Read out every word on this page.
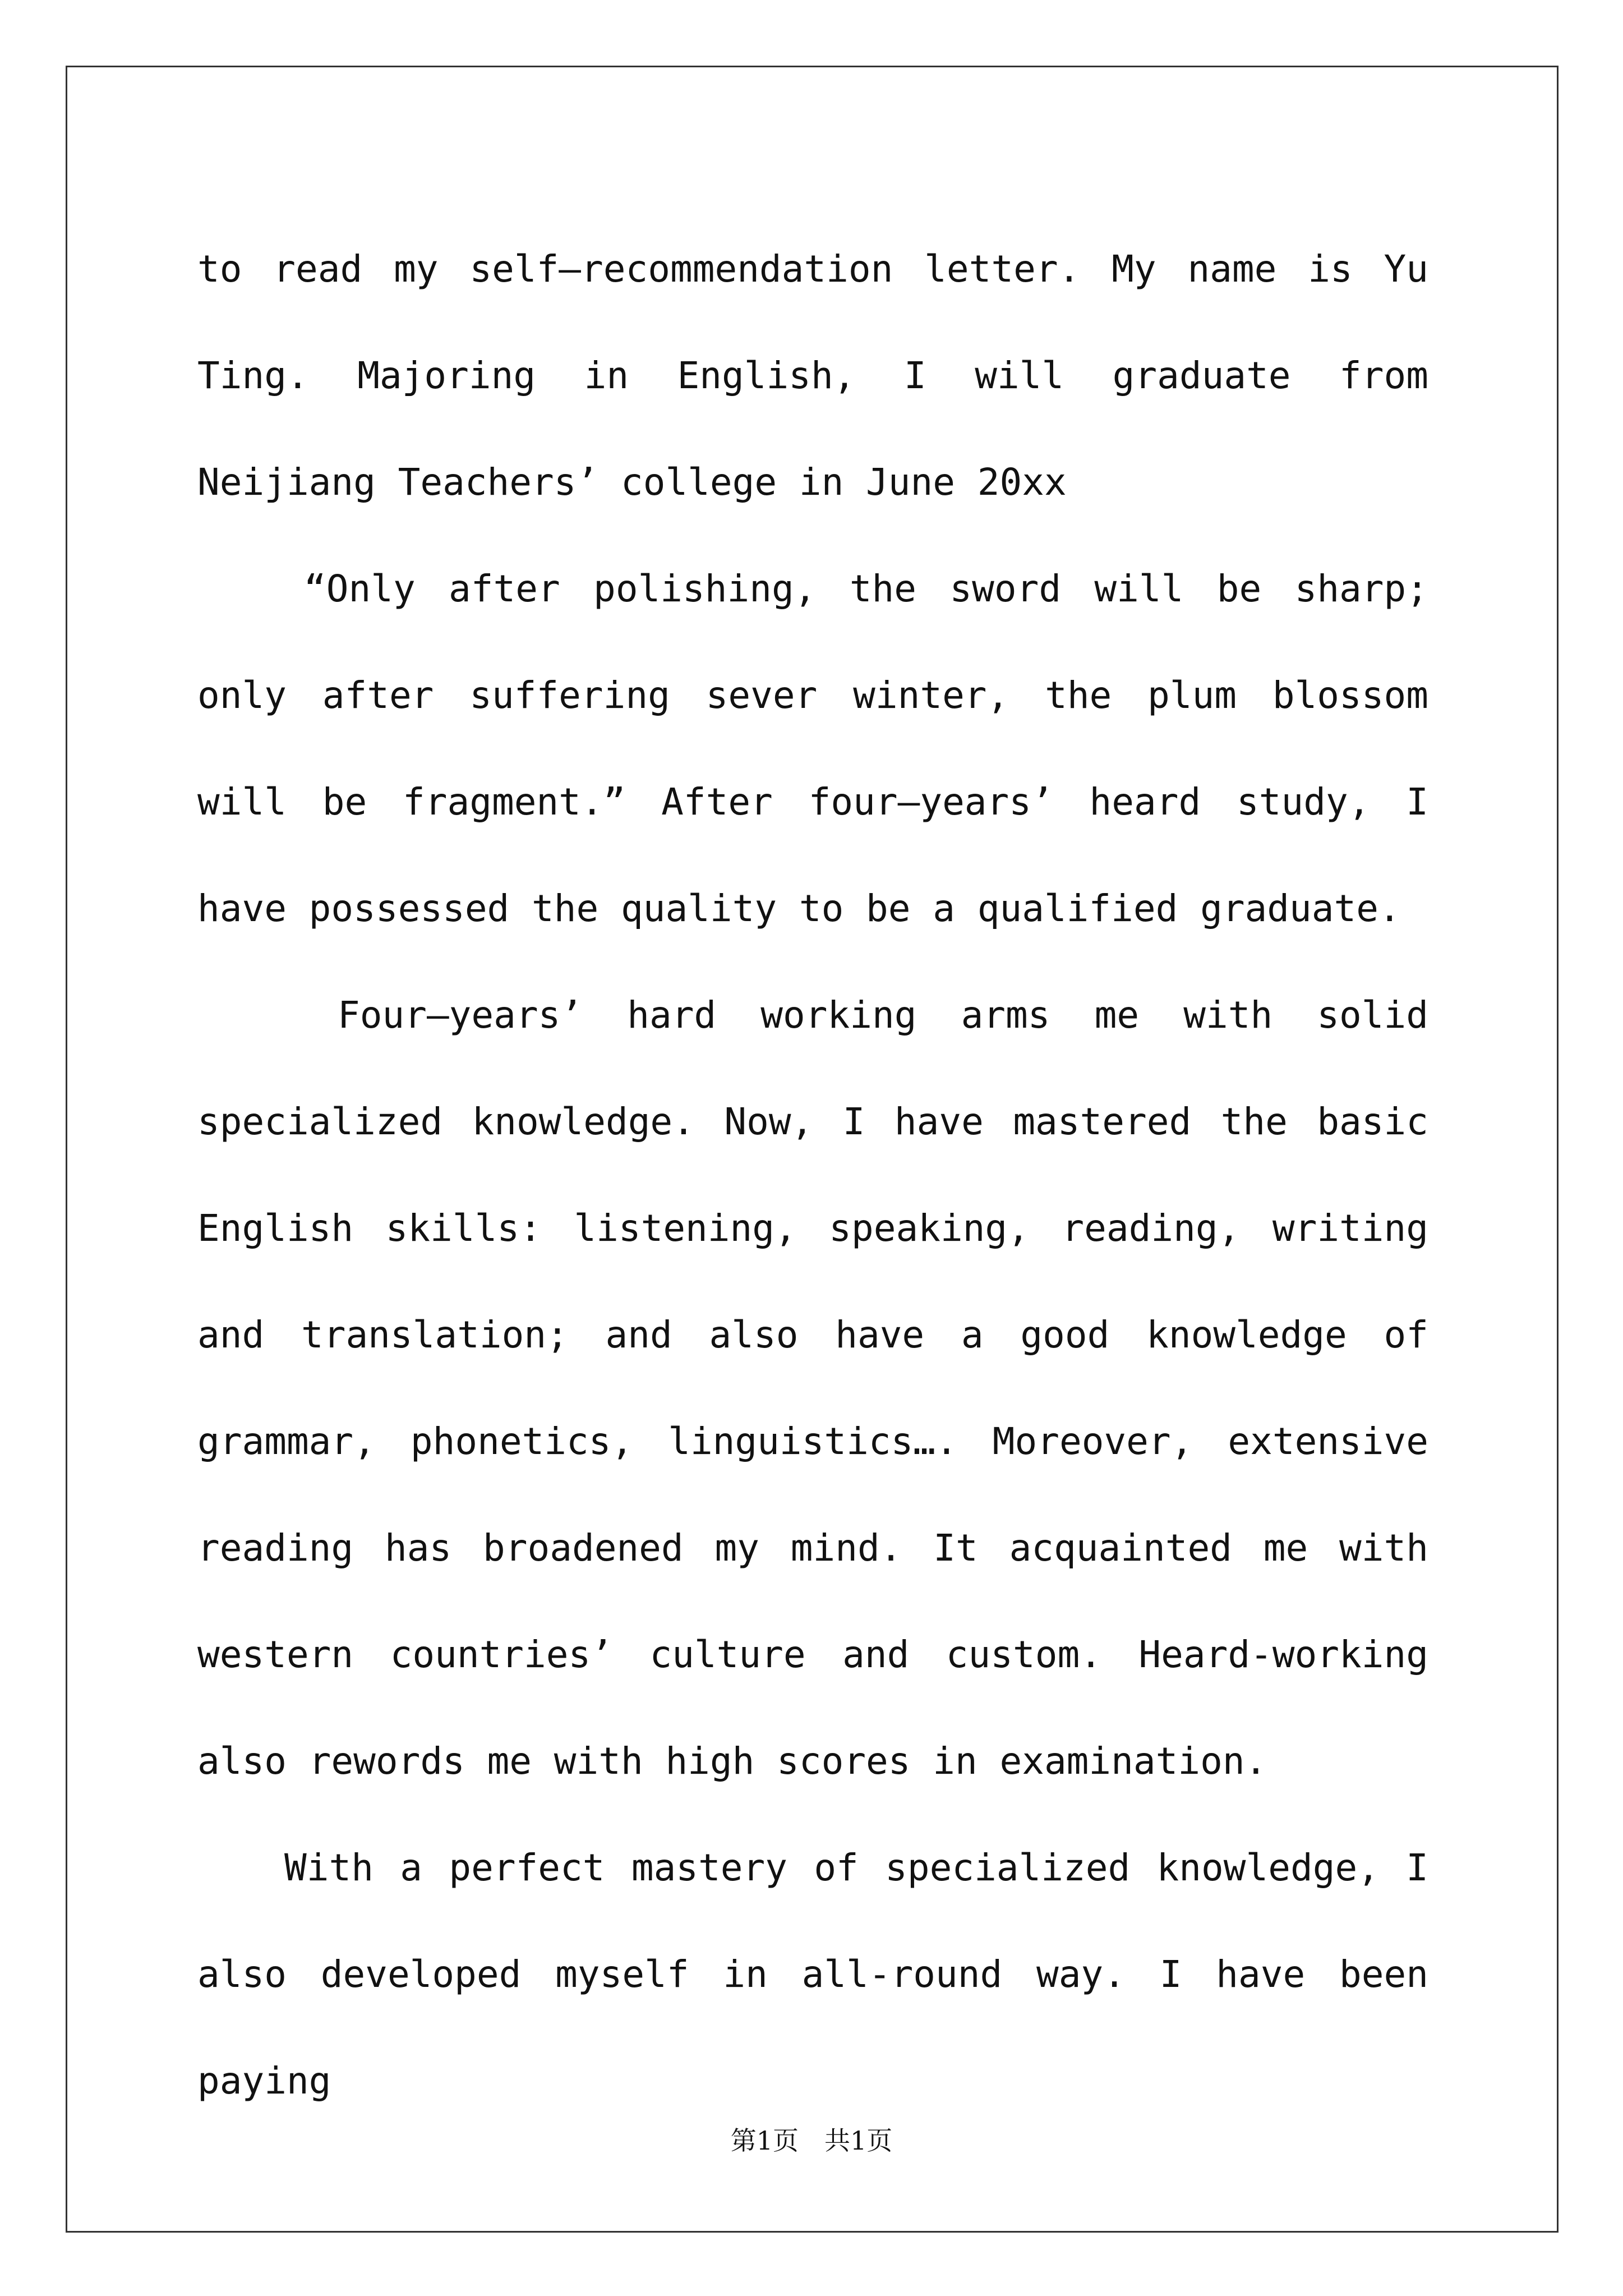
to read my self—recommendation letter. My name is Yu Ting. Majoring in English, I will graduate from Neijiang Teachers’ college in June 20xx

“Only after polishing, the sword will be sharp; only after suffering sever winter, the plum blossom will be fragment.” After four—years’ heard study, I have possessed the quality to be a qualified graduate.

Four—years’ hard working arms me with solid specialized knowledge. Now, I have mastered the basic English skills: listening, speaking, reading, writing and translation; and also have a good knowledge of grammar, phonetics, linguistics…. Moreover, extensive reading has broadened my mind. It acquainted me with western countries’ culture and custom. Heard-working also rewords me with high scores in examination.

With a perfect mastery of specialized knowledge, I also developed myself in all-round way. I have been paying

第1页　共1页
